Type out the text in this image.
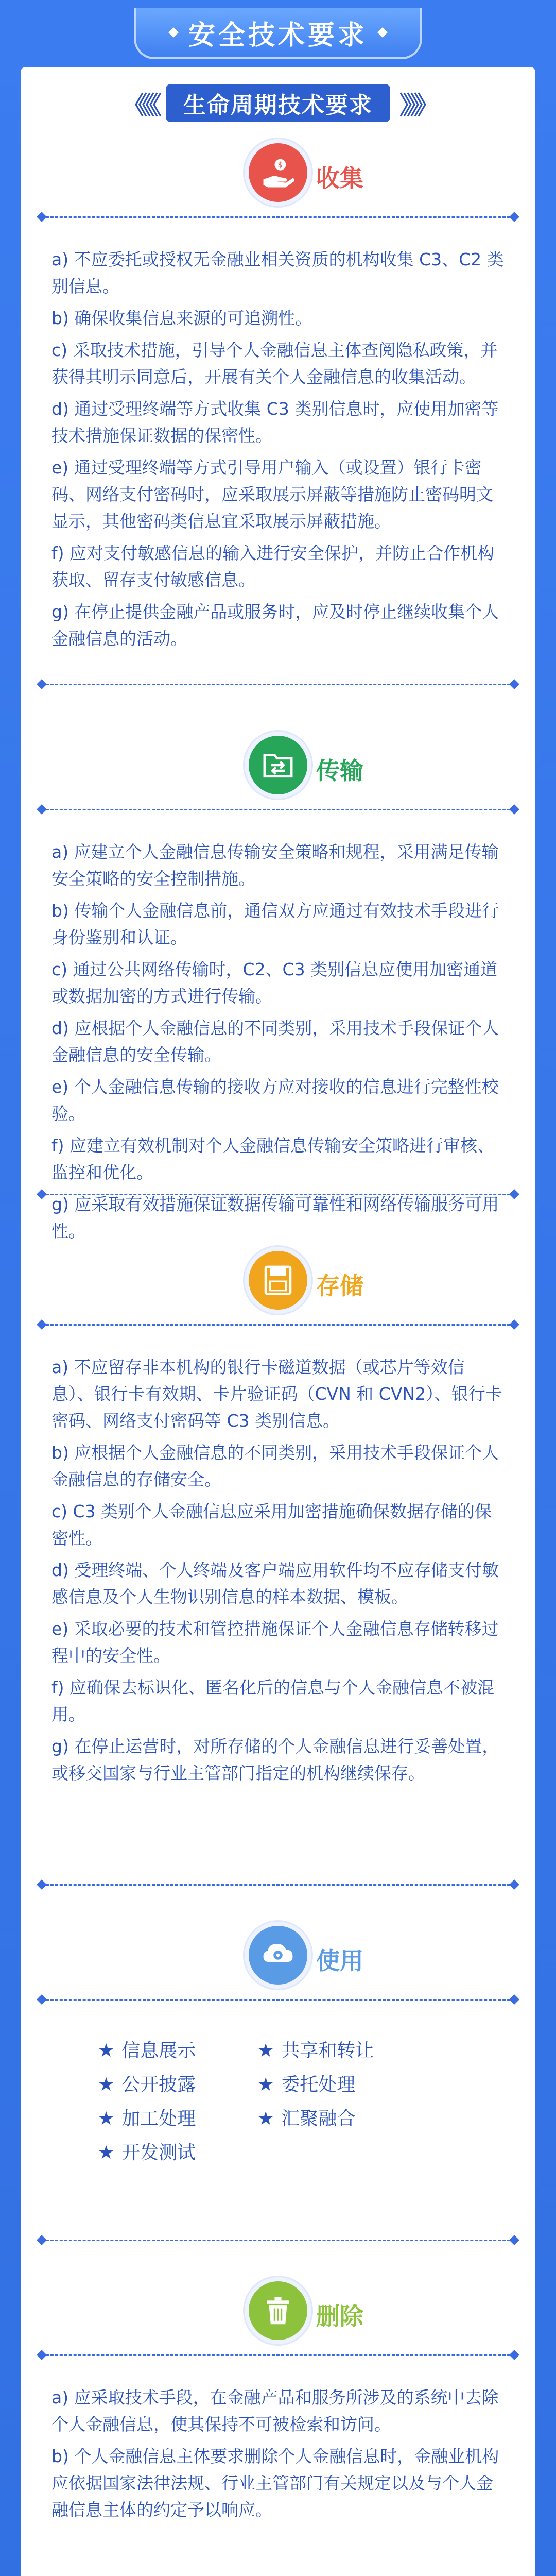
安全技术要求
《《《	生命周期技术要求	》》》
$ 收集

a) 不应委托或授权无金融业相关资质的机构收集 C3、C2 类别信息。

b) 确保收集信息来源的可追溯性。

c) 采取技术措施，引导个人金融信息主体查阅隐私政策，并获得其明示同意后，开展有关个人金融信息的收集活动。

d) 通过受理终端等方式收集 C3 类别信息时，应使用加密等技术措施保证数据的保密性。

e) 通过受理终端等方式引导用户输入（或设置）银行卡密码、网络支付密码时，应采取展示屏蔽等措施防止密码明文显示，其他密码类信息宜采取展示屏蔽措施。

f) 应对支付敏感信息的输入进行安全保护，并防止合作机构获取、留存支付敏感信息。

g) 在停止提供金融产品或服务时，应及时停止继续收集个人金融信息的活动。

传输

a) 应建立个人金融信息传输安全策略和规程，采用满足传输安全策略的安全控制措施。

b) 传输个人金融信息前，通信双方应通过有效技术手段进行身份鉴别和认证。

c) 通过公共网络传输时，C2、C3 类别信息应使用加密通道或数据加密的方式进行传输。

d) 应根据个人金融信息的不同类别，采用技术手段保证个人金融信息的安全传输。

e) 个人金融信息传输的接收方应对接收的信息进行完整性校验。

f) 应建立有效机制对个人金融信息传输安全策略进行审核、监控和优化。

g) 应采取有效措施保证数据传输可靠性和网络传输服务可用性。

存储

a) 不应留存非本机构的银行卡磁道数据（或芯片等效信息）、银行卡有效期、卡片验证码（CVN 和 CVN2）、银行卡密码、网络支付密码等 C3 类别信息。

b) 应根据个人金融信息的不同类别，采用技术手段保证个人金融信息的存储安全。

c) C3 类别个人金融信息应采用加密措施确保数据存储的保密性。

d) 受理终端、个人终端及客户端应用软件均不应存储支付敏感信息及个人生物识别信息的样本数据、模板。

e) 采取必要的技术和管控措施保证个人金融信息存储转移过程中的安全性。

f) 应确保去标识化、匿名化后的信息与个人金融信息不被混用。

g) 在停止运营时，对所存储的个人金融信息进行妥善处置，或移交国家与行业主管部门指定的机构继续保存。

使用
★ 信息展示	★ 共享和转让
★ 公开披露	★ 委托处理
★ 加工处理	★ 汇聚融合
★ 开发测试
删除

a) 应采取技术手段，在金融产品和服务所涉及的系统中去除个人金融信息，使其保持不可被检索和访问。

b) 个人金融信息主体要求删除个人金融信息时，金融业机构应依据国家法律法规、行业主管部门有关规定以及与个人金融信息主体的约定予以响应。
